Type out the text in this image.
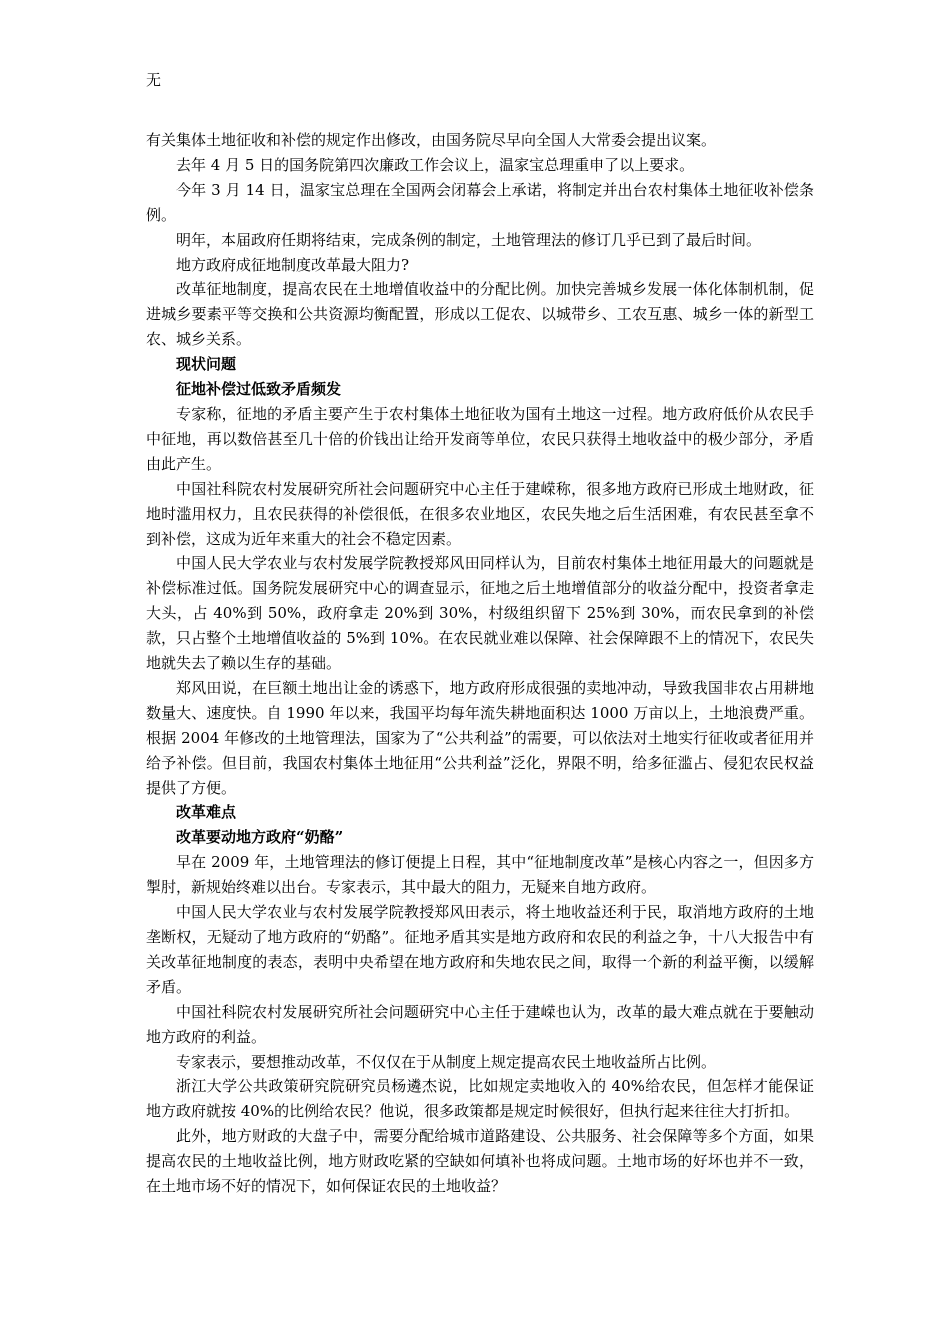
无

有关集体土地征收和补偿的规定作出修改，由国务院尽早向全国人大常委会提出议案。

去年 4 月 5 日的国务院第四次廉政工作会议上，温家宝总理重申了以上要求。

今年 3 月 14 日，温家宝总理在全国两会闭幕会上承诺，将制定并出台农村集体土地征收补偿条例。

明年，本届政府任期将结束，完成条例的制定，土地管理法的修订几乎已到了最后时间。

地方政府成征地制度改革最大阻力?

改革征地制度，提高农民在土地增值收益中的分配比例。加快完善城乡发展一体化体制机制，促进城乡要素平等交换和公共资源均衡配置，形成以工促农、以城带乡、工农互惠、城乡一体的新型工农、城乡关系。

现状问题

征地补偿过低致矛盾频发

专家称，征地的矛盾主要产生于农村集体土地征收为国有土地这一过程。地方政府低价从农民手中征地，再以数倍甚至几十倍的价钱出让给开发商等单位，农民只获得土地收益中的极少部分，矛盾由此产生。

中国社科院农村发展研究所社会问题研究中心主任于建嵘称，很多地方政府已形成土地财政，征地时滥用权力，且农民获得的补偿很低，在很多农业地区，农民失地之后生活困难，有农民甚至拿不到补偿，这成为近年来重大的社会不稳定因素。

中国人民大学农业与农村发展学院教授郑风田同样认为，目前农村集体土地征用最大的问题就是补偿标准过低。国务院发展研究中心的调查显示，征地之后土地增值部分的收益分配中，投资者拿走大头，占 40%到 50%，政府拿走 20%到 30%，村级组织留下 25%到 30%，而农民拿到的补偿款，只占整个土地增值收益的 5%到 10%。在农民就业难以保障、社会保障跟不上的情况下，农民失地就失去了赖以生存的基础。

郑风田说，在巨额土地出让金的诱惑下，地方政府形成很强的卖地冲动，导致我国非农占用耕地数量大、速度快。自 1990 年以来，我国平均每年流失耕地面积达 1000 万亩以上，土地浪费严重。根据 2004 年修改的土地管理法，国家为了“公共利益”的需要，可以依法对土地实行征收或者征用并给予补偿。但目前，我国农村集体土地征用“公共利益”泛化，界限不明，给多征滥占、侵犯农民权益提供了方便。

改革难点

改革要动地方政府“奶酪”

早在 2009 年，土地管理法的修订便提上日程，其中“征地制度改革”是核心内容之一，但因多方掣肘，新规始终难以出台。专家表示，其中最大的阻力，无疑来自地方政府。

中国人民大学农业与农村发展学院教授郑风田表示，将土地收益还利于民，取消地方政府的土地垄断权，无疑动了地方政府的“奶酪”。征地矛盾其实是地方政府和农民的利益之争，十八大报告中有关改革征地制度的表态，表明中央希望在地方政府和失地农民之间，取得一个新的利益平衡，以缓解矛盾。

中国社科院农村发展研究所社会问题研究中心主任于建嵘也认为，改革的最大难点就在于要触动地方政府的利益。

专家表示，要想推动改革，不仅仅在于从制度上规定提高农民土地收益所占比例。

浙江大学公共政策研究院研究员杨遴杰说，比如规定卖地收入的 40%给农民，但怎样才能保证地方政府就按 40%的比例给农民？他说，很多政策都是规定时候很好，但执行起来往往大打折扣。

此外，地方财政的大盘子中，需要分配给城市道路建设、公共服务、社会保障等多个方面，如果提高农民的土地收益比例，地方财政吃紧的空缺如何填补也将成问题。土地市场的好坏也并不一致，在土地市场不好的情况下，如何保证农民的土地收益？
